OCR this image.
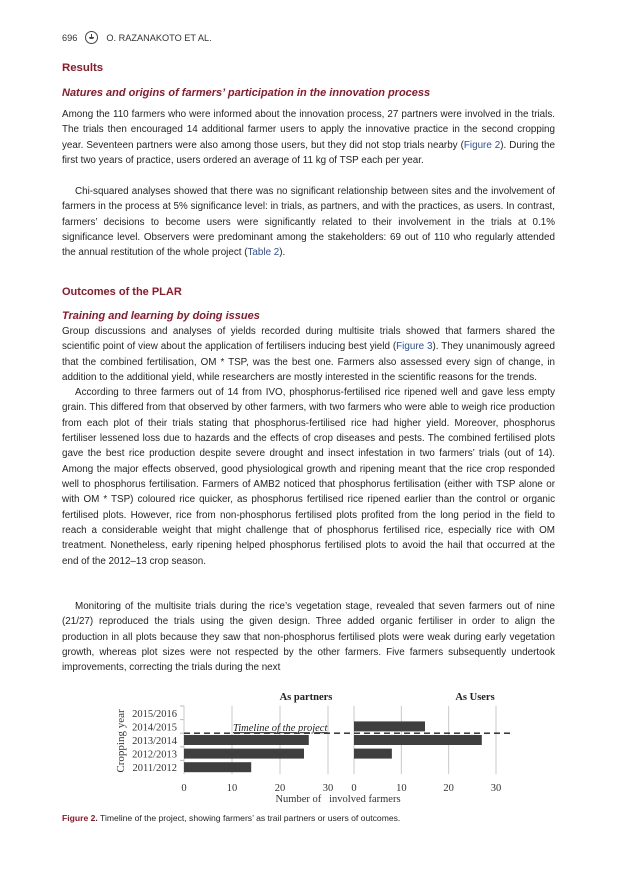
696	O. RAZANAKOTO ET AL.
Results
Natures and origins of farmers’ participation in the innovation process
Among the 110 farmers who were informed about the innovation process, 27 partners were involved in the trials. The trials then encouraged 14 additional farmer users to apply the innovative practice in the second cropping year. Seventeen partners were also among those users, but they did not stop trials nearby (Figure 2). During the first two years of practice, users ordered an average of 11 kg of TSP each per year.
Chi-squared analyses showed that there was no significant relationship between sites and the involvement of farmers in the process at 5% significance level: in trials, as partners, and with the practices, as users. In contrast, farmers’ decisions to become users were significantly related to their involvement in the trials at 0.1% significance level. Observers were predominant among the stakeholders: 69 out of 110 who regularly attended the annual restitution of the whole project (Table 2).
Outcomes of the PLAR
Training and learning by doing issues
Group discussions and analyses of yields recorded during multisite trials showed that farmers shared the scientific point of view about the application of fertilisers inducing best yield (Figure 3). They unanimously agreed that the combined fertilisation, OM * TSP, was the best one. Farmers also assessed every sign of change, in addition to the additional yield, while researchers are mostly interested in the scientific reasons for the trends.
According to three farmers out of 14 from IVO, phosphorus-fertilised rice ripened well and gave less empty grain. This differed from that observed by other farmers, with two farmers who were able to weigh rice production from each plot of their trials stating that phosphorus-fertilised rice had higher yield. Moreover, phosphorus fertiliser lessened loss due to hazards and the effects of crop diseases and pests. The combined fertilised plots gave the best rice production despite severe drought and insect infestation in two farmers’ trials (out of 14). Among the major effects observed, good physiological growth and ripening meant that the rice crop responded well to phosphorus fertilisation. Farmers of AMB2 noticed that phosphorus fertilisation (either with TSP alone or with OM * TSP) coloured rice quicker, as phosphorus fertilised rice ripened earlier than the control or organic fertilised plots. However, rice from non-phosphorus fertilised plots profited from the long period in the field to reach a considerable weight that might challenge that of phosphorus fertilised rice, especially rice with OM treatment. Nonetheless, early ripening helped phosphorus fertilised plots to avoid the hail that occurred at the end of the 2012–13 crop season.
Monitoring of the multisite trials during the rice’s vegetation stage, revealed that seven farmers out of nine (21/27) reproduced the trials using the given design. Three added organic fertiliser in order to align the production in all plots because they saw that non-phosphorus fertilised plots were weak during early vegetation growth, whereas plot sizes were not respected by the other farmers. Five farmers subsequently undertook improvements, correcting the trials during the next
Cropping year
Number of   involved farmers
2015/2016
2014/2015
2013/2014
2012/2013
2011/2012
0	10	20	30
As partners
0	10	20	30
As Users
Timeline of the project
Figure 2. Timeline of the project, showing farmers’ as trail partners or users of outcomes.
